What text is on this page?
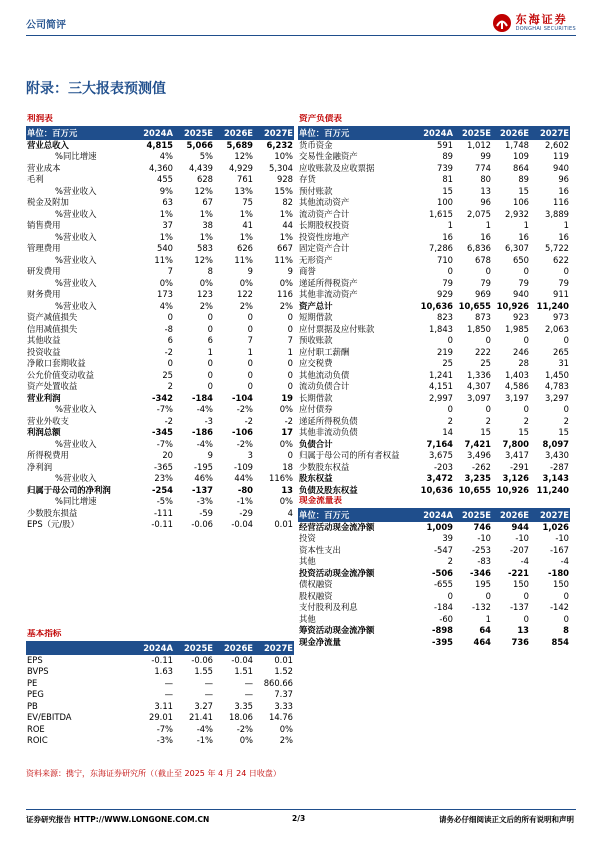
公司简评	东海证券
DONGHAI SECURITIES
附录：三大报表预测值
利润表				
单位：百万元	2024A	2025E	2026E	2027E
营业总收入	4,815	5,066	5,689	6,232
%同比增速	4%	5%	12%	10%
营业成本	4,360	4,439	4,929	5,304
毛利	455	628	761	928
%营业收入	9%	12%	13%	15%
税金及附加	63	67	75	82
%营业收入	1%	1%	1%	1%
销售费用	37	38	41	44
%营业收入	1%	1%	1%	1%
管理费用	540	583	626	667
%营业收入	11%	12%	11%	11%
研发费用	7	8	9	9
%营业收入	0%	0%	0%	0%
财务费用	173	123	122	116
%营业收入	4%	2%	2%	2%
资产减值损失	0	0	0	0
信用减值损失	-8	0	0	0
其他收益	6	6	7	7
投资收益	-2	1	1	1
净敞口套期收益	0	0	0	0
公允价值变动收益	25	0	0	0
资产处置收益	2	0	0	0
营业利润	-342	-184	-104	19
%营业收入	-7%	-4%	-2%	0%
营业外收支	-2	-3	-2	-2
利润总额	-345	-186	-106	17
%营业收入	-7%	-4%	-2%	0%
所得税费用	20	9	3	0
净利润	-365	-195	-109	18
%营业收入	23%	46%	44%	116%
归属于母公司的净利润	-254	-137	-80	13
%同比增速	-5%	-3%	-1%	0%
少数股东损益	-111	-59	-29	4
EPS（元/股）	-0.11	-0.06	-0.04	0.01
基本指标				
	2024A	2025E	2026E	2027E
EPS	-0.11	-0.06	-0.04	0.01
BVPS	1.63	1.55	1.51	1.52
PE	—	—	—	860.66
PEG	—	—	—	7.37
PB	3.11	3.27	3.35	3.33
EV/EBITDA	29.01	21.41	18.06	14.76
ROE	-7%	-4%	-2%	0%
ROIC	-3%	-1%	0%	2%
资产负债表				
单位：百万元	2024A	2025E	2026E	2027E
货币资金	591	1,012	1,748	2,602
交易性金融资产	89	99	109	119
应收账款及应收票据	739	774	864	940
存货	81	80	89	96
预付账款	15	13	15	16
其他流动资产	100	96	106	116
流动资产合计	1,615	2,075	2,932	3,889
长期股权投资	1	1	1	1
投资性房地产	16	16	16	16
固定资产合计	7,286	6,836	6,307	5,722
无形资产	710	678	650	622
商誉	0	0	0	0
递延所得税资产	79	79	79	79
其他非流动资产	929	969	940	911
资产总计	10,636	10,655	10,926	11,240
短期借款	823	873	923	973
应付票据及应付账款	1,843	1,850	1,985	2,063
预收账款	0	0	0	0
应付职工薪酬	219	222	246	265
应交税费	25	25	28	31
其他流动负债	1,241	1,336	1,403	1,450
流动负债合计	4,151	4,307	4,586	4,783
长期借款	2,997	3,097	3,197	3,297
应付债券	0	0	0	0
递延所得税负债	2	2	2	2
其他非流动负债	14	15	15	15
负债合计	7,164	7,421	7,800	8,097
归属于母公司的所有者权益	3,675	3,496	3,417	3,430
少数股东权益	-203	-262	-291	-287
股东权益	3,472	3,235	3,126	3,143
负债及股东权益	10,636	10,655	10,926	11,240
现金流量表				
单位：百万元	2024A	2025E	2026E	2027E
经营活动现金流净额	1,009	746	944	1,026
投资	39	-10	-10	-10
资本性支出	-547	-253	-207	-167
其他	2	-83	-4	-4
投资活动现金流净额	-506	-346	-221	-180
债权融资	-655	195	150	150
股权融资	0	0	0	0
支付股利及利息	-184	-132	-137	-142
其他	-60	1	0	0
筹资活动现金流净额	-898	64	13	8
现金净流量	-395	464	736	854
资料来源：携宁，东海证券研究所（（截止至 2025 年 4 月 24 日收盘）
证券研究报告 HTTP://WWW.LONGONE.COM.CN	2/3	请务必仔细阅读正文后的所有说明和声明
